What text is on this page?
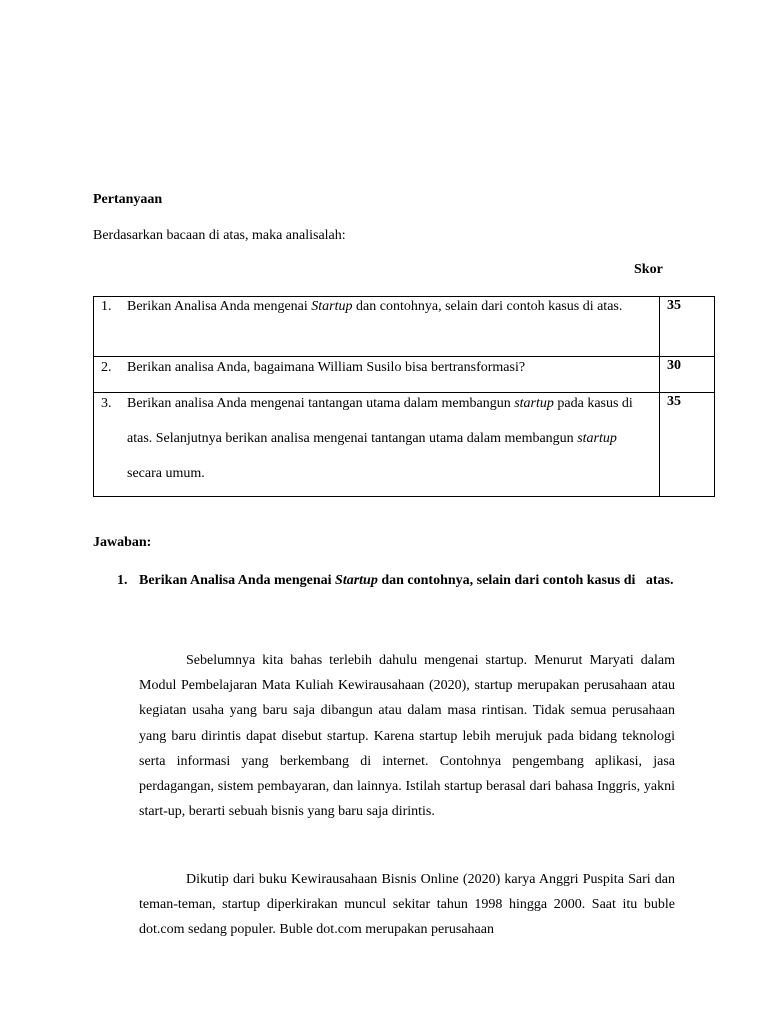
Pertanyaan
Berdasarkan bacaan di atas, maka analisalah:
Skor
1. Berikan Analisa Anda mengenai Startup dan contohnya, selain dari contoh kasus di atas.	35

2. Berikan analisa Anda, bagaimana William Susilo bisa bertransformasi?	30

3. Berikan analisa Anda mengenai tantangan utama dalam membangun startup pada kasus di atas. Selanjutnya berikan analisa mengenai tantangan utama dalam membangun startup secara umum.	35
Jawaban:
1. Berikan Analisa Anda mengenai Startup dan contohnya, selain dari contoh kasus di   atas.

Sebelumnya kita bahas terlebih dahulu mengenai startup. Menurut Maryati dalam Modul Pembelajaran Mata Kuliah Kewirausahaan (2020), startup merupakan perusahaan atau kegiatan usaha yang baru saja dibangun atau dalam masa rintisan. Tidak semua perusahaan yang baru dirintis dapat disebut startup. Karena startup lebih merujuk pada bidang teknologi serta informasi yang berkembang di internet. Contohnya pengembang aplikasi, jasa perdagangan, sistem pembayaran, dan lainnya. Istilah startup berasal dari bahasa Inggris, yakni start-up, berarti sebuah bisnis yang baru saja dirintis.

Dikutip dari buku Kewirausahaan Bisnis Online (2020) karya Anggri Puspita Sari dan teman-teman, startup diperkirakan muncul sekitar tahun 1998 hingga 2000. Saat itu buble dot.com sedang populer. Buble dot.com merupakan perusahaan
